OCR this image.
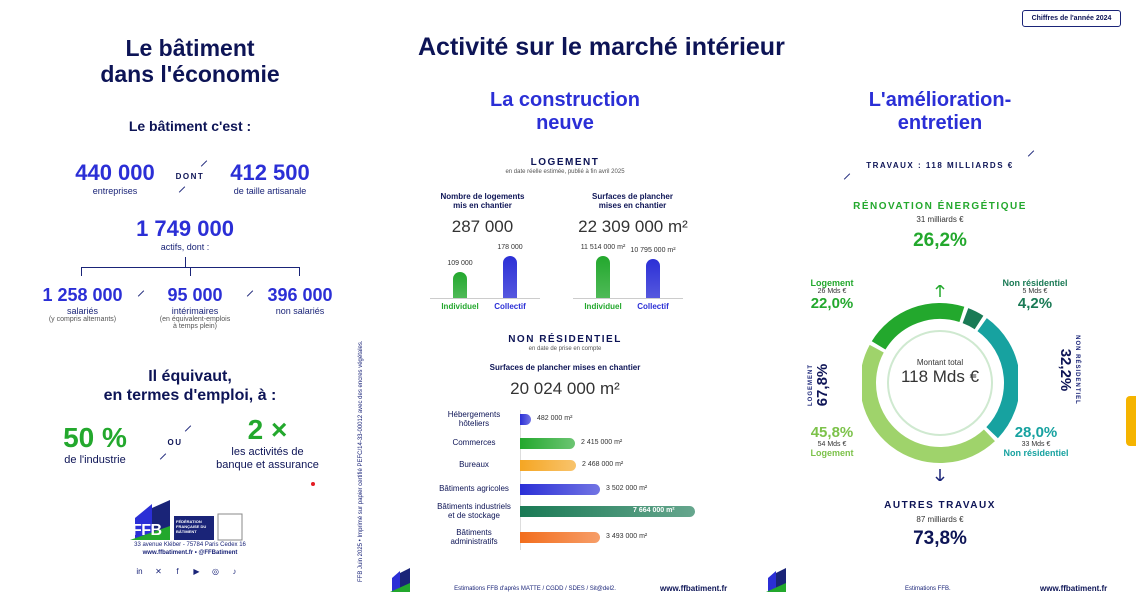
Chiffres de l'année 2024
Le bâtiment
dans l'économie
Le bâtiment c'est :
440 000
entreprises
DONT	412 500
de taille artisanale
1 749 000
actifs, dont :
1 258 000
salariés
(y compris alternants)
95 000
intérimaires
(en équivalent-emplois
à temps plein)
396 000
non salariés
Il équivaut,
en termes d'emploi, à :
50 %
de l'industrie
OU	2 ×
les activités de
banque et assurance
FFB
FÉDÉRATION FRANÇAISE DU BÂTIMENT
33 avenue Kléber - 75784 Paris Cedex 16
www.ffbatiment.fr • @FFBatiment
in ✕ f ▶ ◎ ♪	FFB Juin 2025 • Imprimé sur papier certifié PEFC/14-33-00012 avec des encres végétales.
Activité sur le marché intérieur
La construction
neuve
LOGEMENT
en date réelle estimée, publié à fin avril 2025
Nombre de logements
mis en chantier
287 000
Surfaces de plancher
mises en chantier
22 309 000 m²
109 000
Individuel
178 000
Collectif
11 514 000 m²
Individuel
10 795 000 m²
Collectif
NON RÉSIDENTIEL
en date de prise en compte
Surfaces de plancher mises en chantier
20 024 000 m²
Hébergements
hôteliers
482 000 m²
Commerces	2 415 000 m²
Bureaux	2 468 000 m²
Bâtiments agricoles	3 502 000 m²
Bâtiments industriels
et de stockage
7 664 000 m²
Bâtiments
administratifs
3 493 000 m²
Estimations FFB d'après MATTE / CGDD / SDES / Sit@del2.	www.ffbatiment.fr
L'amélioration-
entretien
TRAVAUX : 118 MILLIARDS €
RÉNOVATION ÉNERGÉTIQUE
31 milliards €
26,2%
Logement
26 Mds €
22,0%
Non résidentiel
5 Mds €
4,2%
LOGEMENT 67,8%	NON RÉSIDENTIEL
32,2%
Montant total
118 Mds €
45,8%
54 Mds €
Logement
28,0%
33 Mds €
Non résidentiel
AUTRES TRAVAUX
87 milliards €
73,8%
Estimations FFB.	www.ffbatiment.fr
